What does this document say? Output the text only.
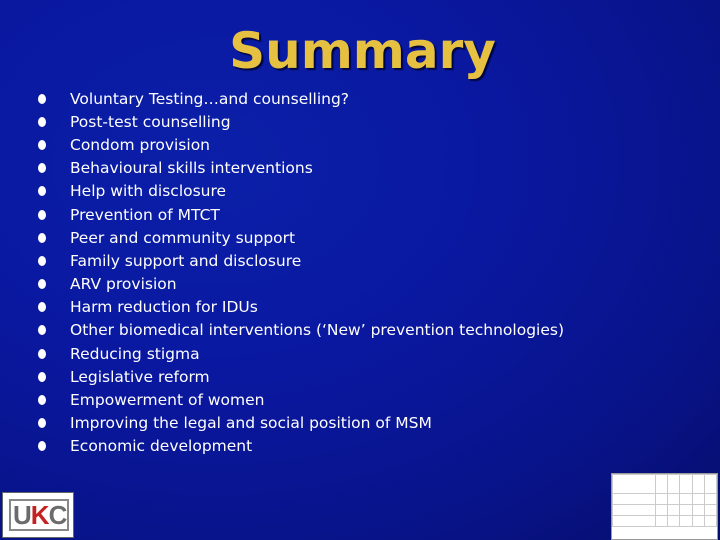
Summary
Voluntary Testing…and counselling?
Post-test counselling
Condom provision
Behavioural skills interventions
Help with disclosure
Prevention of MTCT
Peer and community support
Family support and disclosure
ARV provision
Harm reduction for IDUs
Other biomedical interventions (‘New’ prevention technologies)
Reducing stigma
Legislative reform
Empowerment of women
Improving the legal and social position of MSM
Economic development
UKC
